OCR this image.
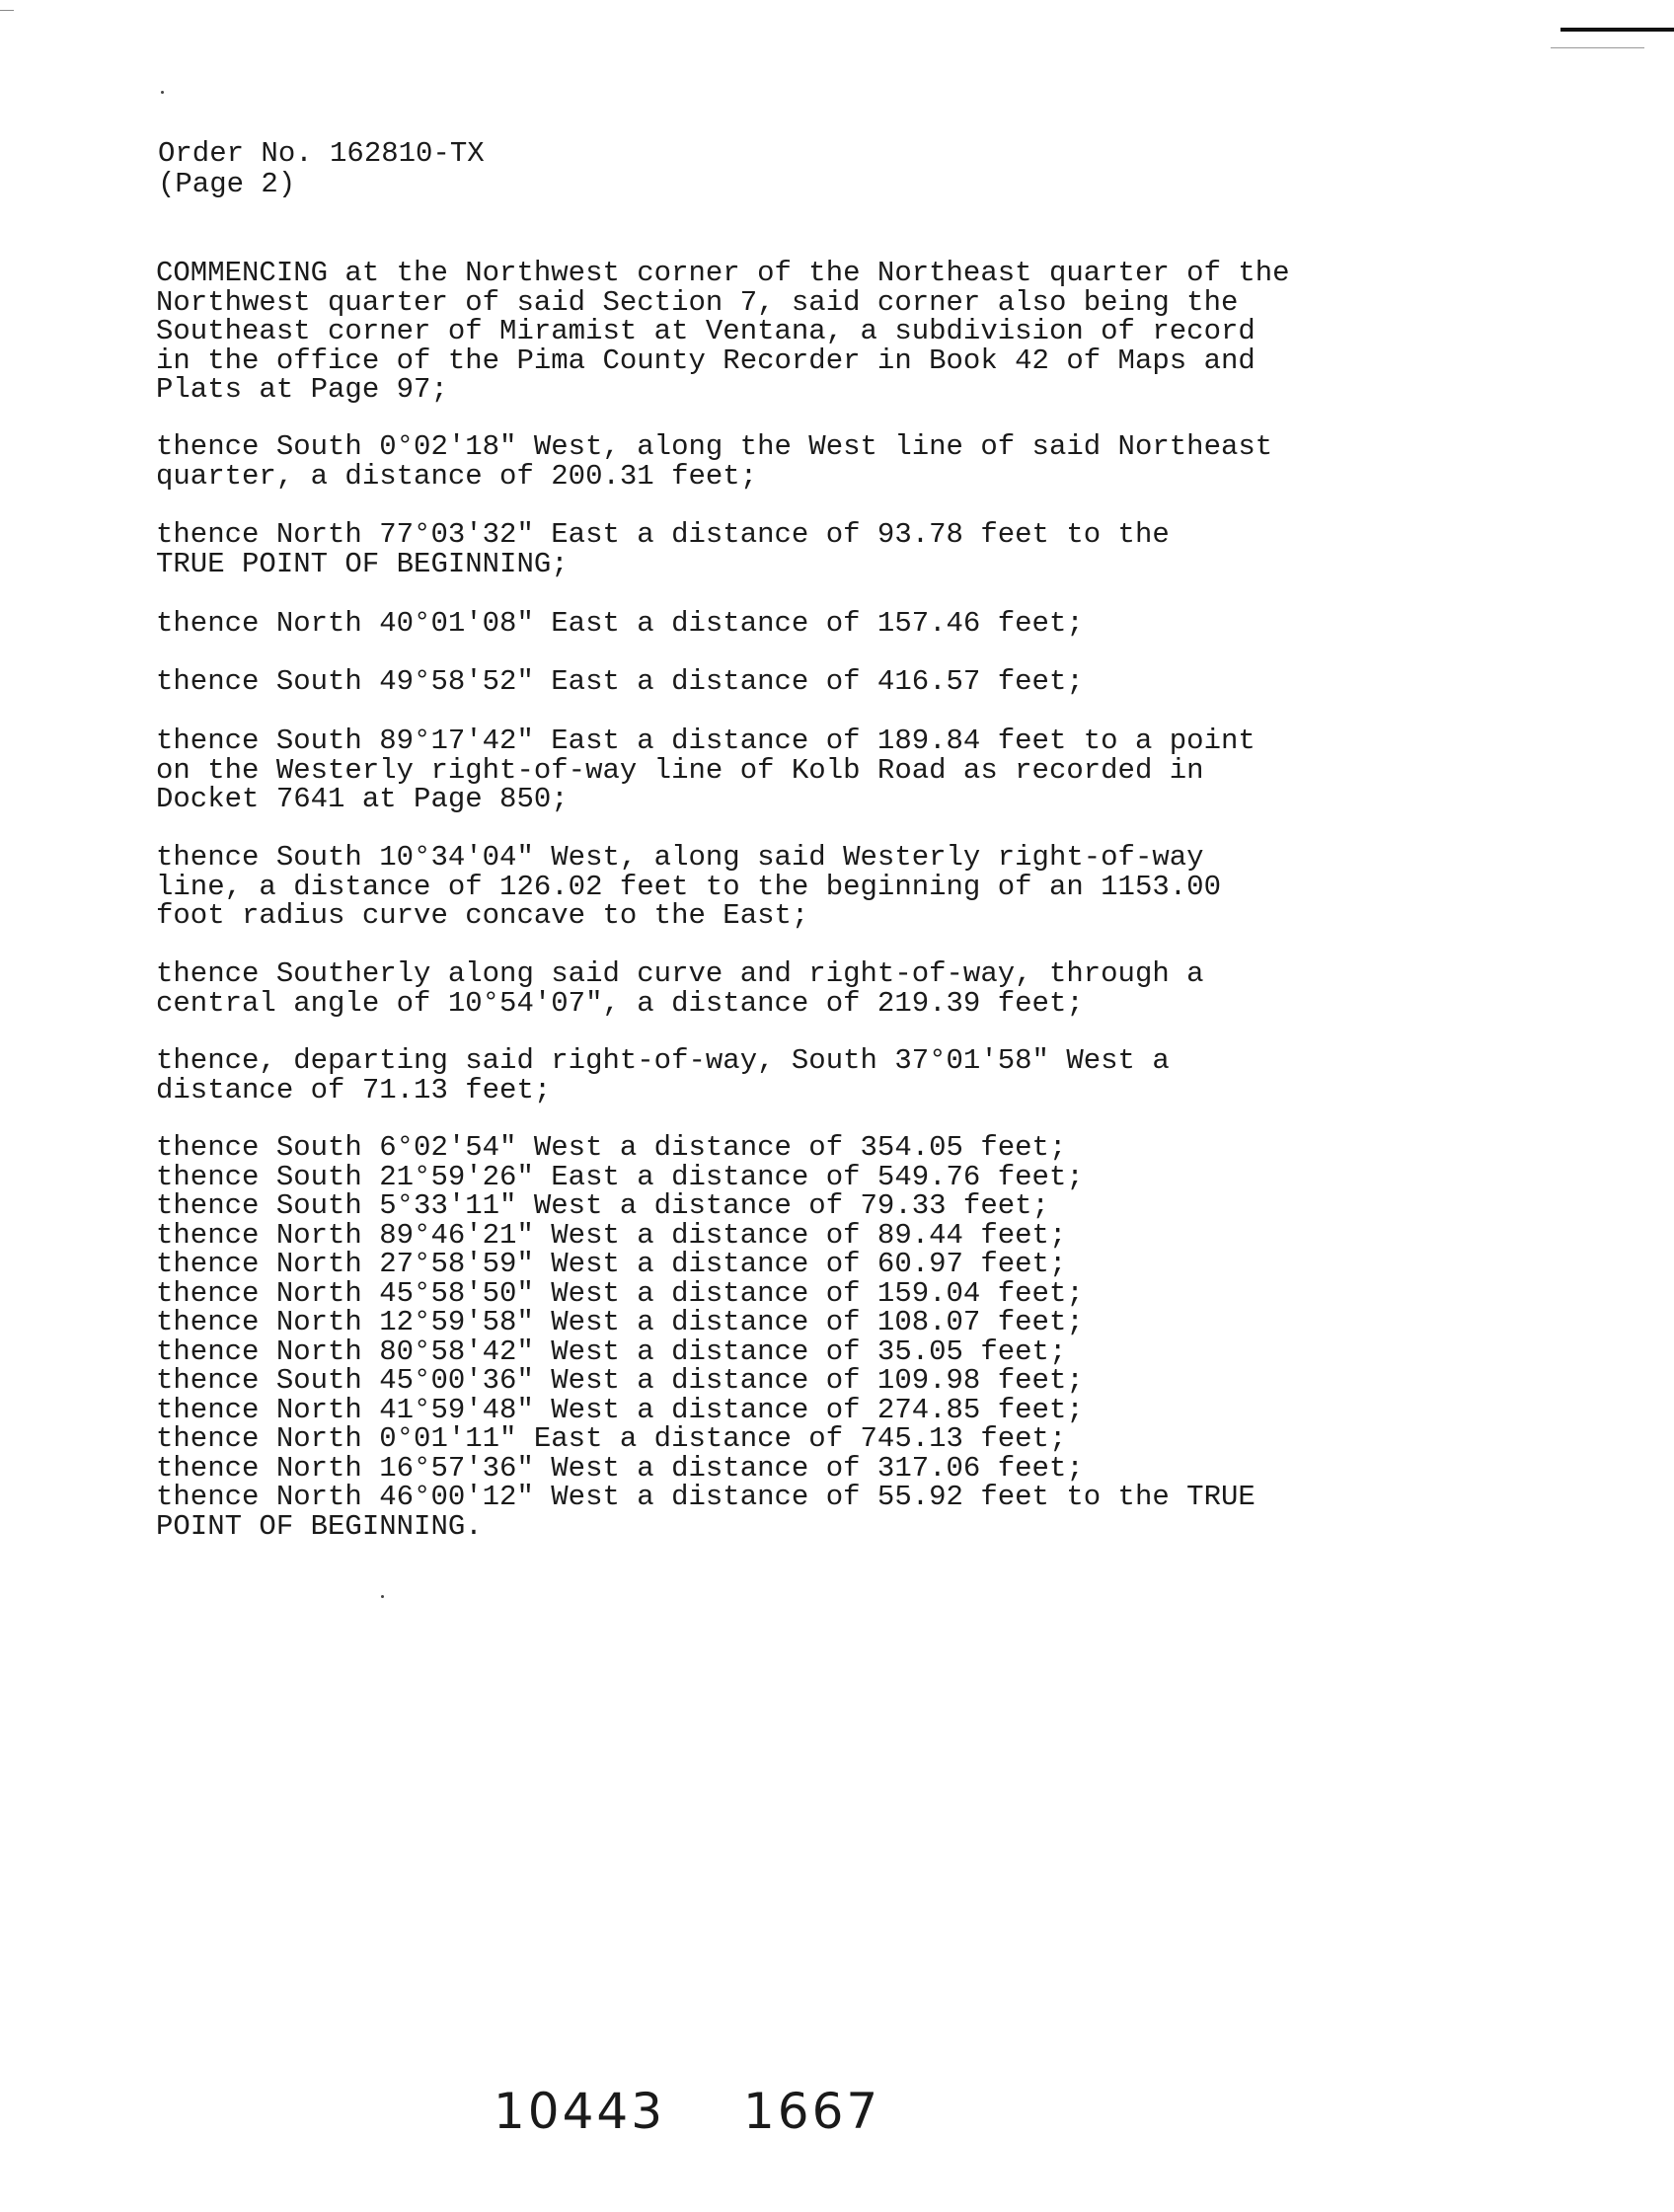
Order No. 162810-TX
(Page 2)
COMMENCING at the Northwest corner of the Northeast quarter of the
Northwest quarter of said Section 7, said corner also being the
Southeast corner of Miramist at Ventana, a subdivision of record
in the office of the Pima County Recorder in Book 42 of Maps and
Plats at Page 97;
thence South 0°02'18" West, along the West line of said Northeast
quarter, a distance of 200.31 feet;
thence North 77°03'32" East a distance of 93.78 feet to the
TRUE POINT OF BEGINNING;
thence North 40°01'08" East a distance of 157.46 feet;
thence South 49°58'52" East a distance of 416.57 feet;
thence South 89°17'42" East a distance of 189.84 feet to a point
on the Westerly right-of-way line of Kolb Road as recorded in
Docket 7641 at Page 850;
thence South 10°34'04" West, along said Westerly right-of-way
line, a distance of 126.02 feet to the beginning of an 1153.00
foot radius curve concave to the East;
thence Southerly along said curve and right-of-way, through a
central angle of 10°54'07", a distance of 219.39 feet;
thence, departing said right-of-way, South 37°01'58" West a
distance of 71.13 feet;
thence South 6°02'54" West a distance of 354.05 feet;
thence South 21°59'26" East a distance of 549.76 feet;
thence South 5°33'11" West a distance of 79.33 feet;
thence North 89°46'21" West a distance of 89.44 feet;
thence North 27°58'59" West a distance of 60.97 feet;
thence North 45°58'50" West a distance of 159.04 feet;
thence North 12°59'58" West a distance of 108.07 feet;
thence North 80°58'42" West a distance of 35.05 feet;
thence South 45°00'36" West a distance of 109.98 feet;
thence North 41°59'48" West a distance of 274.85 feet;
thence North 0°01'11" East a distance of 745.13 feet;
thence North 16°57'36" West a distance of 317.06 feet;
thence North 46°00'12" West a distance of 55.92 feet to the TRUE
POINT OF BEGINNING.
10443 1667
